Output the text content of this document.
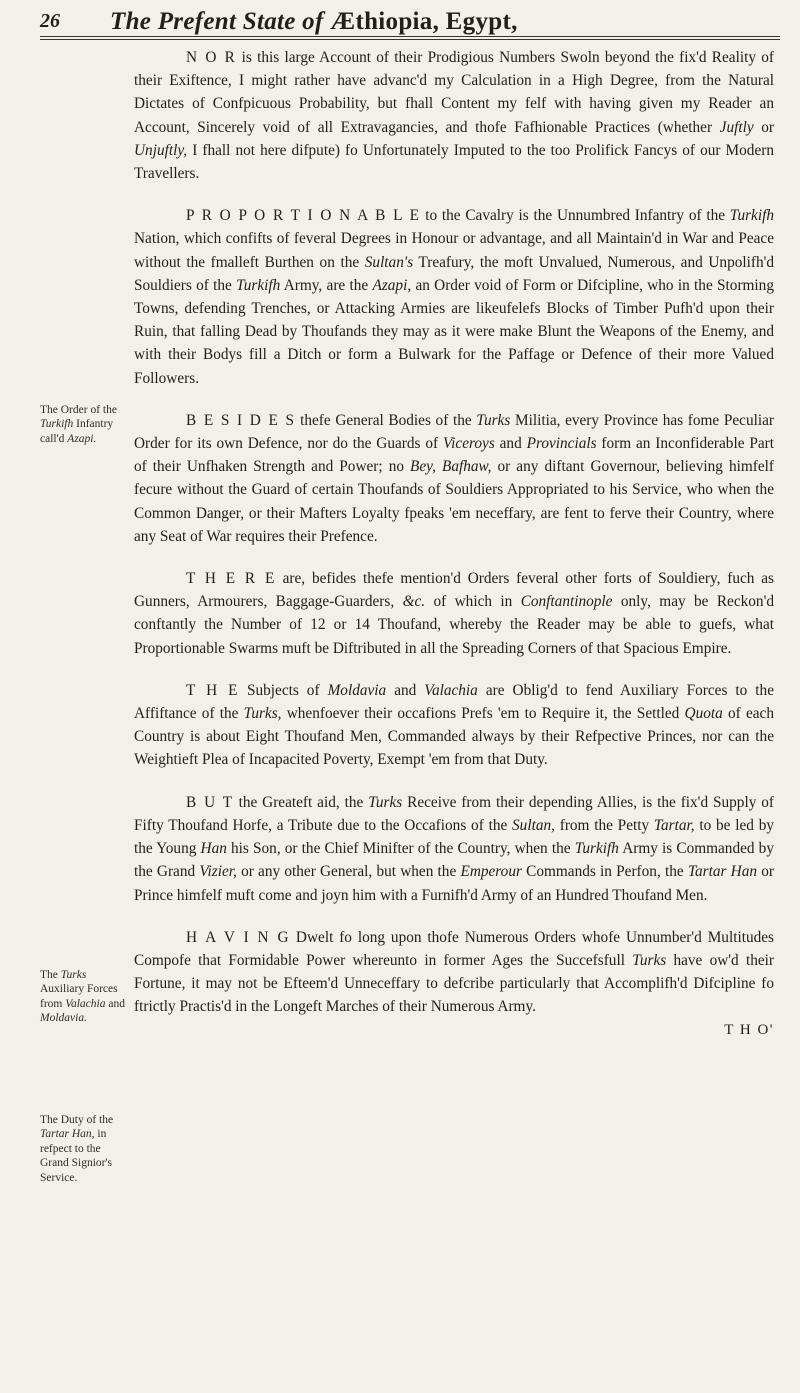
26 The Prefent State of Æthiopia, Egypt,
The Order of the Turkifh Infantry call'd Azapi.
The Turks Auxiliary Forces from Valachia and Moldavia.
The Duty of the Tartar Han, in refpect to the Grand Signior's Service.

N O R is this large Account of their Prodigious Numbers Swoln beyond the fix'd Reality of their Exiftence, I might rather have advanc'd my Calculation in a High Degree, from the Natural Dictates of Confpicuous Probability, but fhall Content my felf with having given my Reader an Account, Sincerely void of all Extravagancies, and thofe Fafhionable Practices (whether Juftly or Unjuftly, I fhall not here difpute) fo Unfortunately Imputed to the too Prolifick Fancys of our Modern Travellers.

P R O P O R T I O N A B L E to the Cavalry is the Unnumbred Infantry of the Turkifh Nation, which confifts of feveral Degrees in Honour or advantage, and all Maintain'd in War and Peace without the fmalleft Burthen on the Sultan's Treafury, the moft Unvalued, Numerous, and Unpolifh'd Souldiers of the Turkifh Army, are the Azapi, an Order void of Form or Difcipline, who in the Storming Towns, defending Trenches, or Attacking Armies are likeufelefs Blocks of Timber Pufh'd upon their Ruin, that falling Dead by Thoufands they may as it were make Blunt the Weapons of the Enemy, and with their Bodys fill a Ditch or form a Bulwark for the Paffage or Defence of their more Valued Followers.

B E S I D E S thefe General Bodies of the Turks Militia, every Province has fome Peculiar Order for its own Defence, nor do the Guards of Viceroys and Provincials form an Inconfiderable Part of their Unfhaken Strength and Power; no Bey, Bafhaw, or any diftant Governour, believing himfelf fecure without the Guard of certain Thoufands of Souldiers Appropriated to his Service, who when the Common Danger, or their Mafters Loyalty fpeaks 'em neceffary, are fent to ferve their Country, where any Seat of War requires their Prefence.

T H E R E are, befides thefe mention'd Orders feveral other forts of Souldiery, fuch as Gunners, Armourers, Baggage-Guarders, &c. of which in Conftantinople only, may be Reckon'd conftantly the Number of 12 or 14 Thoufand, whereby the Reader may be able to guefs, what Proportionable Swarms muft be Diftributed in all the Spreading Corners of that Spacious Empire.

T H E Subjects of Moldavia and Valachia are Oblig'd to fend Auxiliary Forces to the Affiftance of the Turks, whenfoever their occafions Prefs 'em to Require it, the Settled Quota of each Country is about Eight Thoufand Men, Commanded always by their Refpective Princes, nor can the Weightieft Plea of Incapacited Poverty, Exempt 'em from that Duty.

B U T the Greateft aid, the Turks Receive from their depending Allies, is the fix'd Supply of Fifty Thoufand Horfe, a Tribute due to the Occafions of the Sultan, from the Petty Tartar, to be led by the Young Han his Son, or the Chief Minifter of the Country, when the Turkifh Army is Commanded by the Grand Vizier, or any other General, but when the Emperour Commands in Perfon, the Tartar Han or Prince himfelf muft come and joyn him with a Furnifh'd Army of an Hundred Thoufand Men.

H A V I N G Dwelt fo long upon thofe Numerous Orders whofe Unnumber'd Multitudes Compofe that Formidable Power whereunto in former Ages the Succefsfull Turks have ow'd their Fortune, it may not be Efteem'd Unneceffary to defcribe particularly that Accomplifh'd Difcipline fo ftrictly Practis'd in the Longeft Marches of their Numerous Army.

T H O'
